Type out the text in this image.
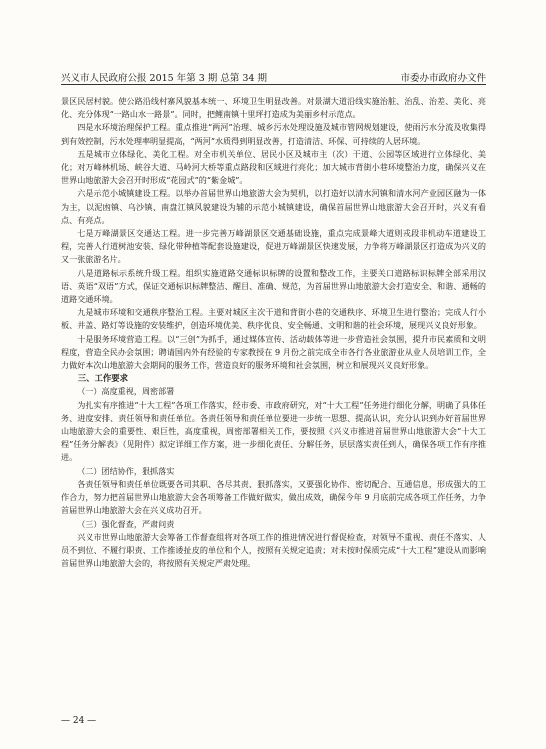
兴义市人民政府公报 2015 年第 3 期 总第 34 期	市委办市政府办文件

景区民居村貌。使公路沿线村寨风貌基本统一、环境卫生明显改善。对景湖大道沿线实施治脏、治乱、治差、美化、亮化、充分体现“一路山水一路景”。同时，把鲤南镇十里坪打造成为美丽乡村示范点。

四是水环境治理保护工程。重点推进“两河”治理、城乡污水处理设施及城市管网规划建设，使雨污水分流及收集得到有效控制，污水处理率明显提高，“两河”水质得到明显改善，打造清洁、环保、可持续的人居环境。

五是城市立体绿化、美化工程。对全市机关单位、居民小区及城市主（次）干道、公园等区域进行立体绿化、美化；对万峰林机场、峡谷大道、马岭河大桥等重点路段和区域进行亮化；加大城市背街小巷环境整治力度，确保兴义在世界山地旅游大会召开时形成“花园式”的“紫金城”。

六是示范小城镇建设工程。以举办首届世界山地旅游大会为契机，以打造好以清水河镇和清水河产业园区融为一体为主，以泥凼镇、乌沙镇、南盘江镇风貌建设为辅的示范小城镇建设，确保首届世界山地旅游大会召开时，兴义有看点、有亮点。

七是万峰湖景区交通达工程。进一步完善万峰湖景区交通基础设施，重点完成景峰大道则戎段非机动车道建设工程，完善人行道树池安装、绿化带种植等配套设施建设，促进万峰湖景区快速发展，力争将万峰湖景区打造成为兴义的又一张旅游名片。

八是道路标示系统升级工程。组织实施道路交通标识标牌的设置和整改工作，主要关口道路标识标牌全部采用汉语、英语“双语”方式，保证交通标识标牌整洁、醒目、准确、规范，为首届世界山地旅游大会打造安全、和谐、通畅的道路交通环境。

九是城市环境和交通秩序整治工程。主要对城区主次干道和背街小巷的交通秩序、环境卫生进行整治；完成人行小板、井盖、路灯等设施的安装维护，创造环境优美、秩序优良、安全畅通、文明和谐的社会环境，展现兴义良好形象。

十是服务环境营造工程。以“三创”为抓手，通过媒体宣传、活动载体等进一步营造社会氛围，提升市民素质和文明程度，营造全民办会氛围；聘请国内外有经验的专家教授在 9 月份之前完成全市各行各业旅游业从业人员培训工作，全力做好本次山地旅游大会期间的服务工作，营造良好的服务环境和社会氛围，树立和展现兴义良好形象。

三、工作要求
（一）高度重视，周密部署

为扎实有序推进“十大工程”各项工作落实，经市委、市政府研究，对“十大工程”任务进行细化分解，明确了具体任务、进度安排、责任领导和责任单位。各责任领导和责任单位要进一步统一思想、提高认识，充分认识到办好首届世界山地旅游大会的重要性、艰巨性，高度重视，周密部署相关工作，要按照《兴义市推进首届世界山地旅游大会“十大工程”任务分解表》（见附件）拟定详细工作方案，进一步细化责任、分解任务，层层落实责任到人，确保各项工作有序推进。

（二）团结协作，狠抓落实

各责任领导和责任单位既要各司其职、各尽其责、狠抓落实，又要强化协作、密切配合、互通信息，形成强大的工作合力，努力把首届世界山地旅游大会各项筹备工作做好做实，做出成效，确保今年 9 月底前完成各项工作任务，力争首届世界山地旅游大会在兴义成功召开。

（三）强化督查，严肃问责

兴义市世界山地旅游大会筹备工作督查组将对各项工作的推进情况进行督促检查，对领导不重视、责任不落实、人员不到位、不履行职责、工作推诿扯皮的单位和个人，按照有关规定追责；对未按时保质完成“十大工程”建设从而影响首届世界山地旅游大会的，将按照有关规定严肃处理。

— 24 —
